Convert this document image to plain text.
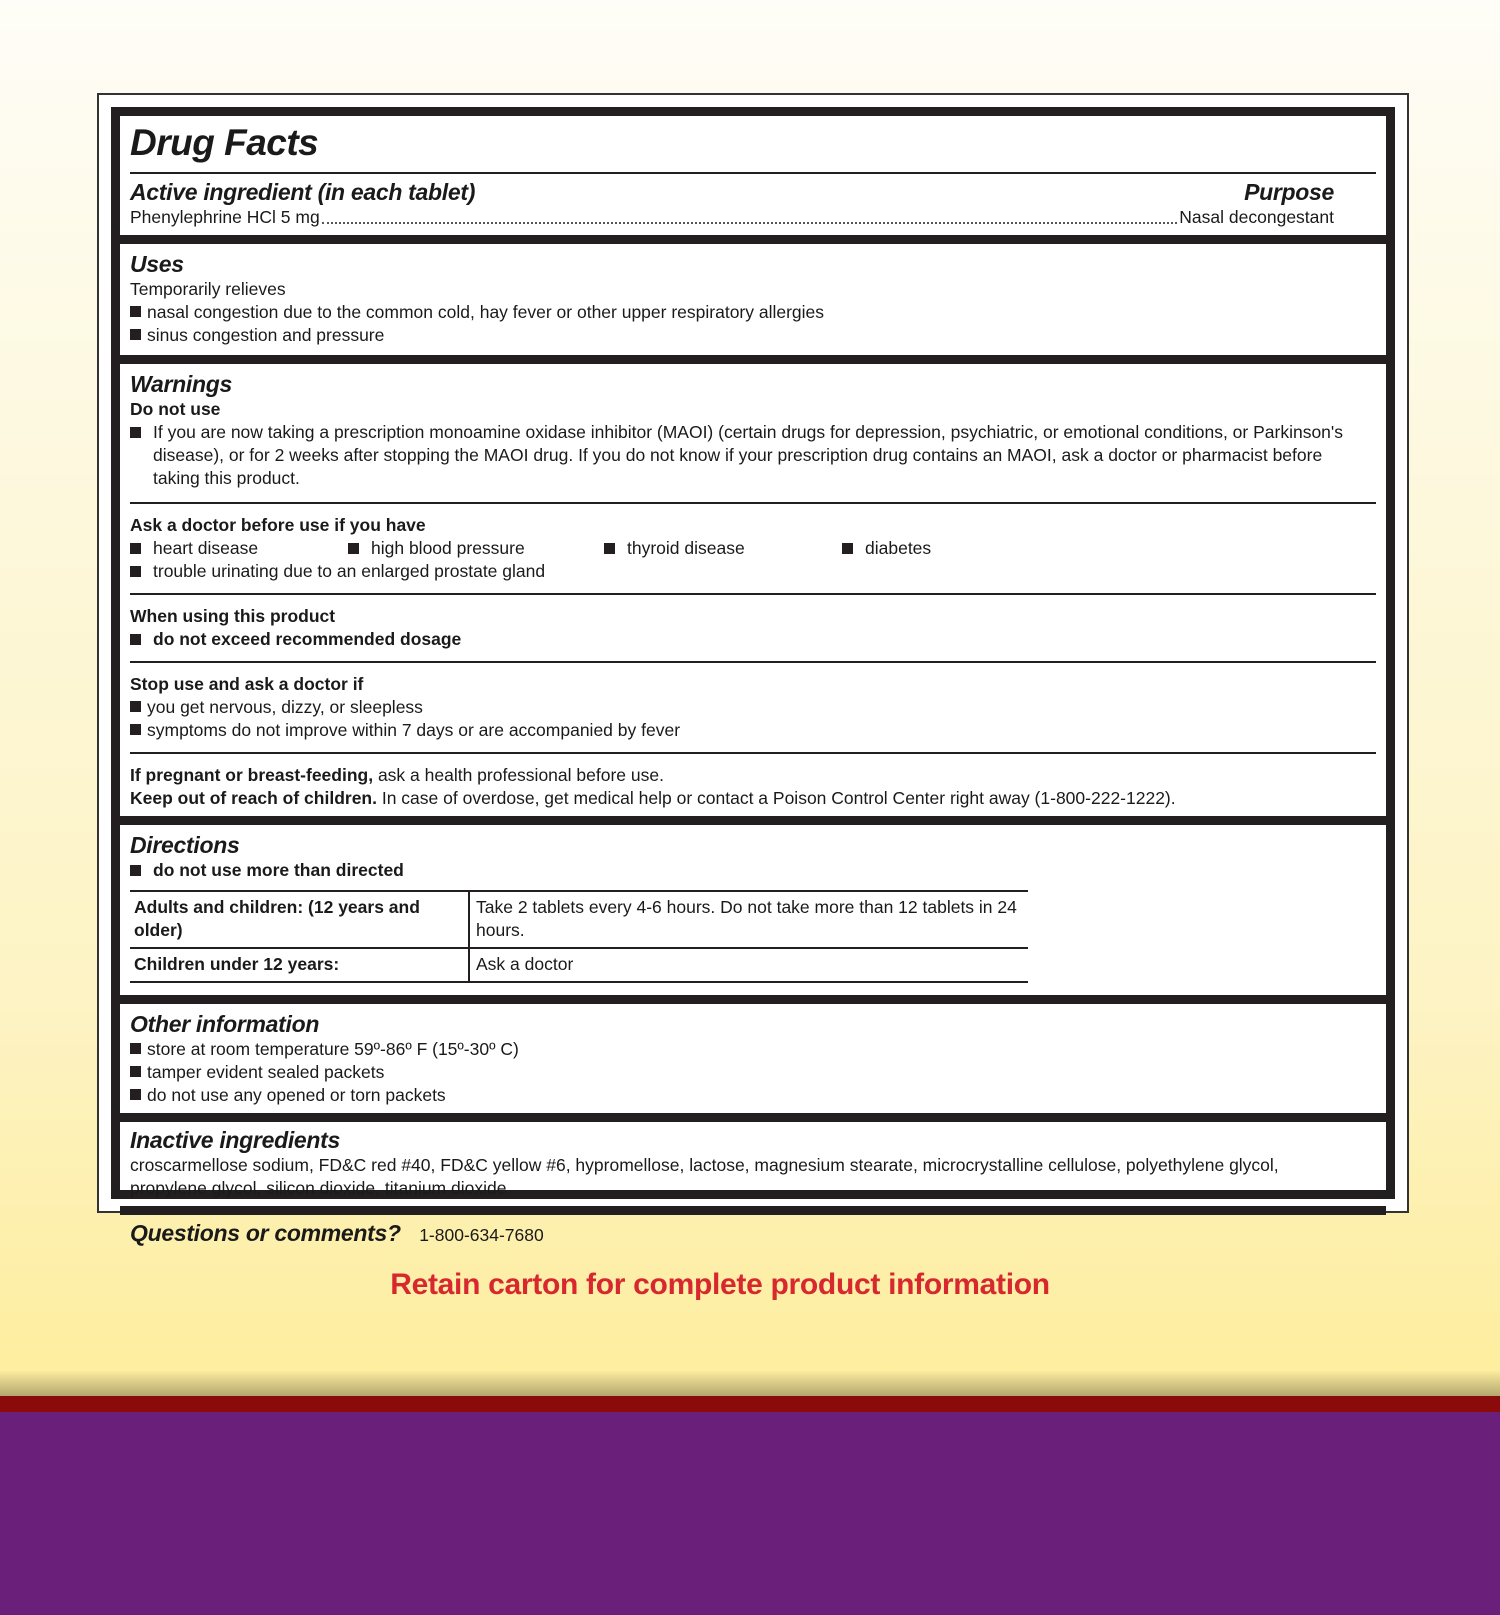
Drug Facts
Active ingredient (in each tablet)	Purpose
Phenylephrine HCl 5 mg	Nasal decongestant
Uses
Temporarily relieves
nasal congestion due to the common cold, hay fever or other upper respiratory allergies
sinus congestion and pressure
Warnings
Do not use
If you are now taking a prescription monoamine oxidase inhibitor (MAOI) (certain drugs for depression, psychiatric, or emotional conditions, or Parkinson's disease), or for 2 weeks after stopping the MAOI drug. If you do not know if your prescription drug contains an MAOI, ask a doctor or pharmacist before taking this product.
Ask a doctor before use if you have
heart disease	high blood pressure	thyroid disease	diabetes
trouble urinating due to an enlarged prostate gland
When using this product
do not exceed recommended dosage
Stop use and ask a doctor if
you get nervous, dizzy, or sleepless
symptoms do not improve within 7 days or are accompanied by fever
If pregnant or breast-feeding, ask a health professional before use.
Keep out of reach of children. In case of overdose, get medical help or contact a Poison Control Center right away (1-800-222-1222).
Directions
do not use more than directed
Adults and children: (12 years and older)	Take 2 tablets every 4-6 hours. Do not take more than 12 tablets in 24 hours.
Children under 12 years:	Ask a doctor
Other information
store at room temperature 59º-86º F (15º-30º C)
tamper evident sealed packets
do not use any opened or torn packets
Inactive ingredients
croscarmellose sodium, FD&C red #40, FD&C yellow #6, hypromellose, lactose, magnesium stearate, microcrystalline cellulose, polyethylene glycol, propylene glycol, silicon dioxide, titanium dioxide
Questions or comments? 1-800-634-7680
Retain carton for complete product information
